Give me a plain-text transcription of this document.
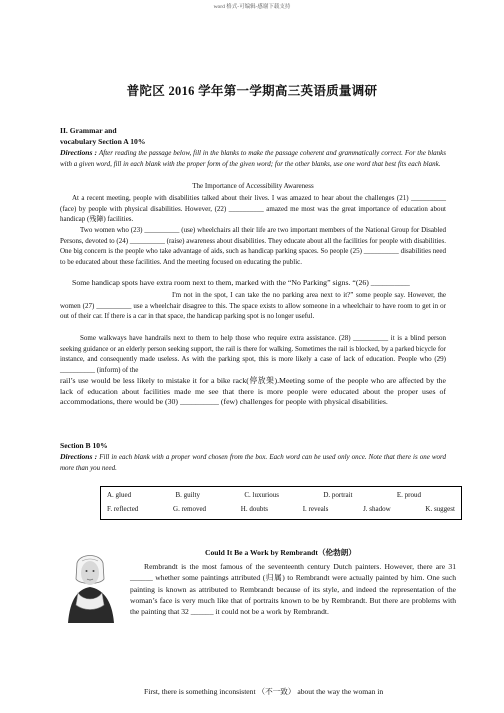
word 格式-可编辑-感谢下载支持
普陀区 2016 学年第一学期高三英语质量调研
II. Grammar and
vocabulary Section A 10%
Directions : After reading the passage below, fill in the blanks to make the passage coherent and grammatically correct. For the blanks with a given word, fill in each blank with the proper form of the given word; for the other blanks, use one word that best fits each blank.
The Importance of Accessibility Awareness
At a recent meeting, people with disabilities talked about their lives. I was amazed to hear about the challenges (21) __________ (face) by people with physical disabilities. However, (22) __________ amazed me most was the great importance of education about handicap (残障) facilities.
Two women who (23) __________ (use) wheelchairs all their life are two important members of the National Group for Disabled Persons, devoted to (24) __________ (raise) awareness about disabilities. They educate about all the facilities for people with disabilities. One big concern is the people who take advantage of aids, such as handicap parking spaces. So people (25) __________ disabilities need to be educated about these facilities. And the meeting focused on educating the public.
Some handicap spots have extra room next to them, marked with the “No Parking” signs. “(26) __________
I'm not in the spot, I can take the no parking area next to it?” some people say. However, the women (27) __________ use a wheelchair disagree to this. The space exists to allow someone in a wheelchair to have room to get in or out of their car. If there is a car in that space, the handicap parking spot is no longer useful.
Some walkways have handrails next to them to help those who require extra assistance. (28) __________ it is a blind person seeking guidance or an elderly person seeking support, the rail is there for walking. Sometimes the rail is blocked, by a parked bicycle for instance, and consequently made useless. As with the parking spot, this is more likely a case of lack of education. People who (29) __________ (inform) of the
rail’s use would be less likely to mistake it for a bike rack(停放架).Meeting some of the people who are affected by the lack of education about facilities made me see that there is more people were educated about the proper uses of accommodations, there would be (30) __________ (few) challenges for people with physical disabilities.
Section B 10%
Directions : Fill in each blank with a proper word chosen from the box. Each word can be used only once. Note that there is one word more than you need.
A. glued	B. guilty	C. luxurious	D. portrait	E. proud
F. reflected	G. removed	H. doubts	I. reveals	J. shadow	K. suggest
Could It Be a Work by Rembrandt（伦勃朗）
Rembrandt is the most famous of the seventeenth century Dutch painters. However, there are 31 ______ whether some paintings attributed (归属) to Rembrandt were actually painted by him. One such painting is known as attributed to Rembrandt because of its style, and indeed the representation of the woman’s face is very much like that of portraits known to be by Rembrandt. But there are problems with the painting that 32 ______ it could not be a work by Rembrandt.
First, there is something inconsistent （不一致） about the way the woman in
